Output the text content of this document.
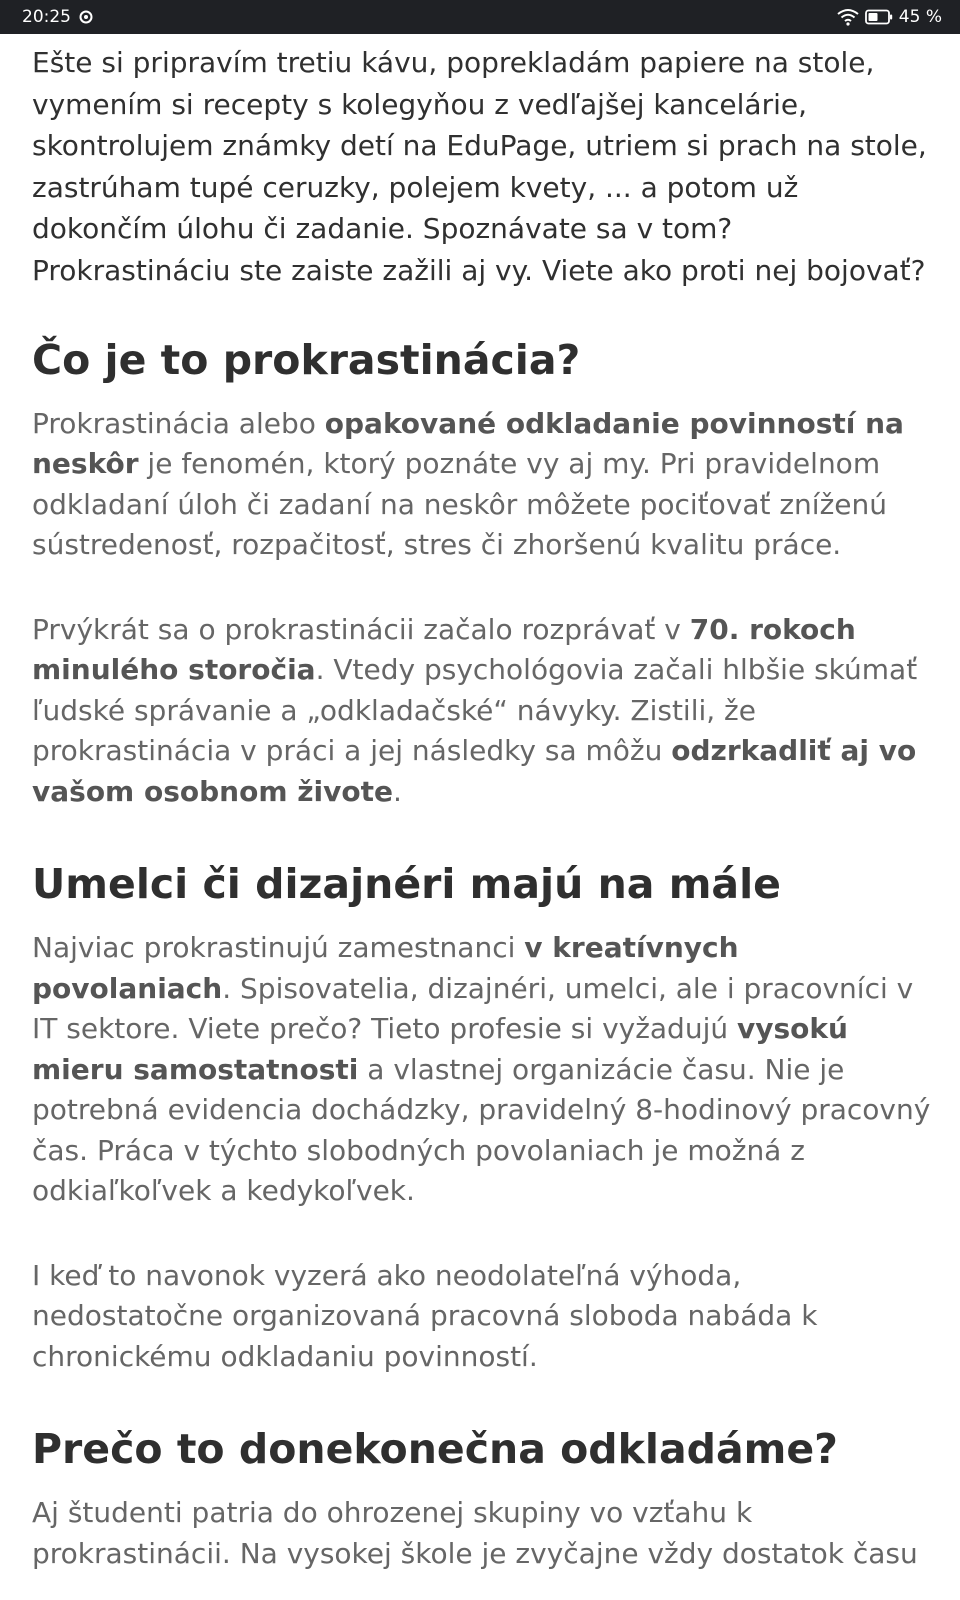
20:25	45 %

Ešte si pripravím tretiu kávu, poprekladám papiere na stole, vymením si recepty s kolegyňou z vedľajšej kancelárie, skontrolujem známky detí na EduPage, utriem si prach na stole, zastrúham tupé ceruzky, polejem kvety, ... a potom už dokončím úlohu či zadanie. Spoznávate sa v tom? Prokrastináciu ste zaiste zažili aj vy. Viete ako proti nej bojovať?

Čo je to prokrastinácia?

Prokrastinácia alebo opakované odkladanie povinností na neskôr je fenomén, ktorý poznáte vy aj my. Pri pravidelnom odkladaní úloh či zadaní na neskôr môžete pociťovať zníženú sústredenosť, rozpačitosť, stres či zhoršenú kvalitu práce.

Prvýkrát sa o prokrastinácii začalo rozprávať v 70. rokoch minulého storočia. Vtedy psychológovia začali hlbšie skúmať ľudské správanie a „odkladačské“ návyky. Zistili, že prokrastinácia v práci a jej následky sa môžu odzrkadliť aj vo vašom osobnom živote.

Umelci či dizajnéri majú na mále

Najviac prokrastinujú zamestnanci v kreatívnych povolaniach. Spisovatelia, dizajnéri, umelci, ale i pracovníci v IT sektore. Viete prečo? Tieto profesie si vyžadujú vysokú mieru samostatnosti a vlastnej organizácie času. Nie je potrebná evidencia dochádzky, pravidelný 8-hodinový pracovný čas. Práca v týchto slobodných povolaniach je možná z odkiaľkoľvek a kedykoľvek.

I keď to navonok vyzerá ako neodolateľná výhoda, nedostatočne organizovaná pracovná sloboda nabáda k chronickému odkladaniu povinností.

Prečo to donekonečna odkladáme?

Aj študenti patria do ohrozenej skupiny vo vzťahu k prokrastinácii. Na vysokej škole je zvyčajne vždy dostatok času
